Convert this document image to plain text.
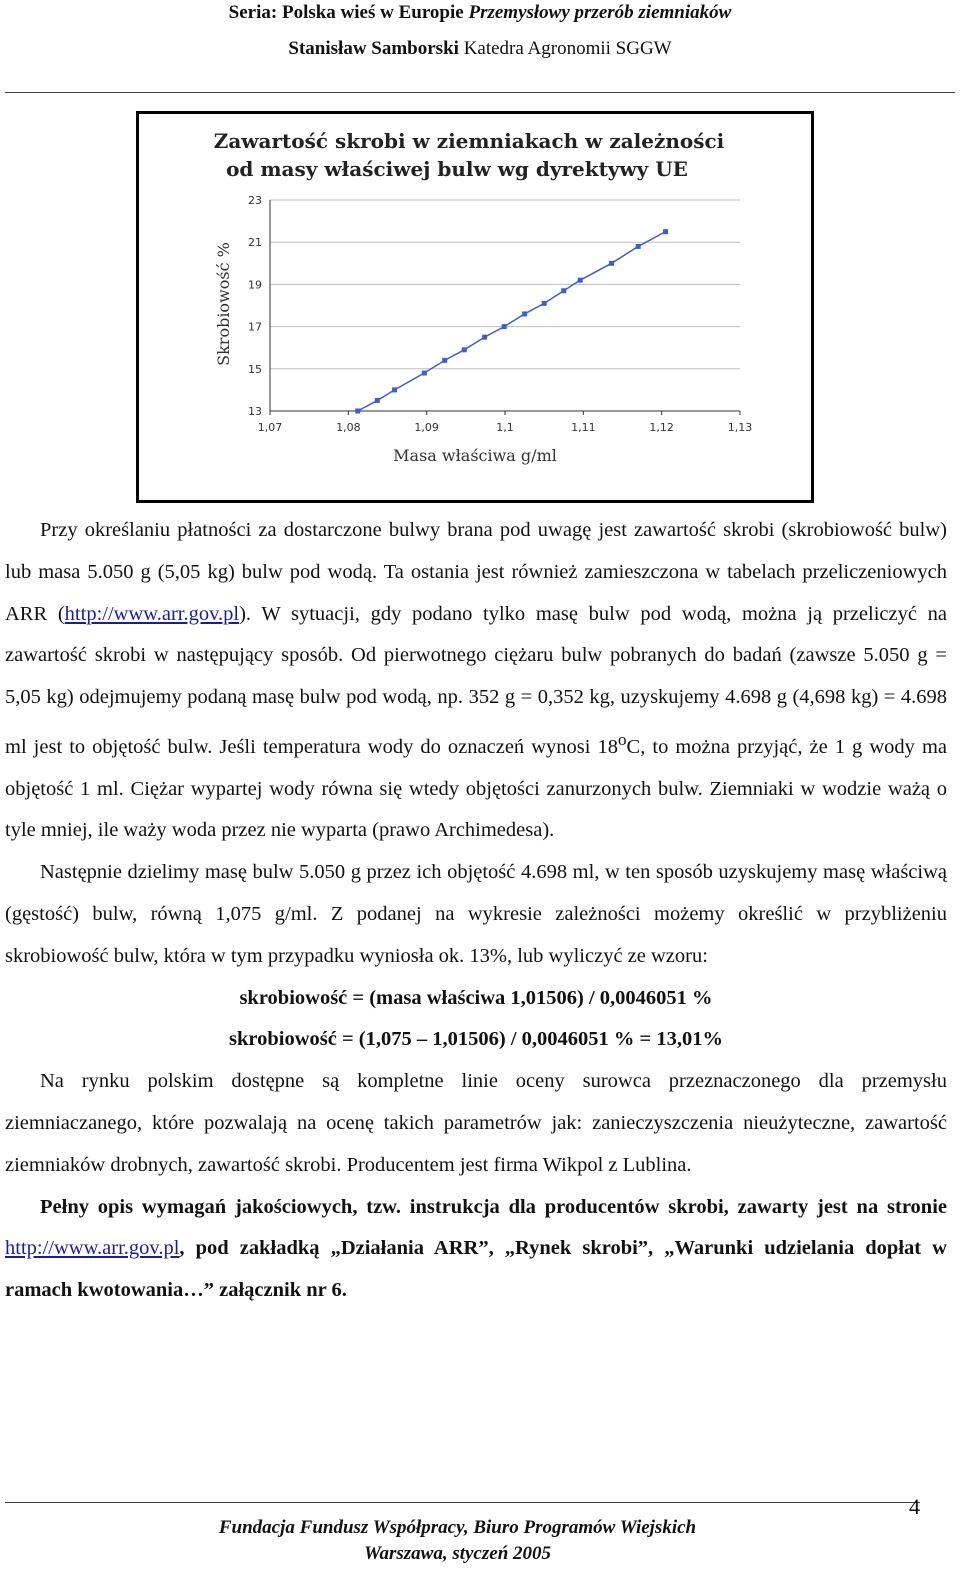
Seria: Polska wieś w Europie Przemysłowy przerób ziemniaków
Stanisław Samborski Katedra Agronomii SGGW
Zawartość skrobi w ziemniakach w zależności
od masy właściwej bulw wg dyrektywy UE
13
15
17
19
21
23
1,07	1,08	1,09	1,1	1,11	1,12	1,13
Masa właściwa g/ml
Skrobiowość %

Przy określaniu płatności za dostarczone bulwy brana pod uwagę jest zawartość skrobi (skrobiowość bulw) lub masa 5.050 g (5,05 kg) bulw pod wodą. Ta ostania jest również zamieszczona w tabelach przeliczeniowych ARR (http://www.arr.gov.pl). W sytuacji, gdy podano tylko masę bulw pod wodą, można ją przeliczyć na zawartość skrobi w następujący sposób. Od pierwotnego ciężaru bulw pobranych do badań (zawsze 5.050 g = 5,05 kg) odejmujemy podaną masę bulw pod wodą, np. 352 g = 0,352 kg, uzyskujemy 4.698 g (4,698 kg) = 4.698 ml jest to objętość bulw. Jeśli temperatura wody do oznaczeń wynosi 18$^o$C, to można przyjąć, że 1 g wody ma objętość 1 ml. Ciężar wypartej wody równa się wtedy objętości zanurzonych bulw. Ziemniaki w wodzie ważą o tyle mniej, ile waży woda przez nie wyparta (prawo Archimedesa).

Następnie dzielimy masę bulw 5.050 g przez ich objętość 4.698 ml, w ten sposób uzyskujemy masę właściwą (gęstość) bulw, równą 1,075 g/ml. Z podanej na wykresie zależności możemy określić w przybliżeniu skrobiowość bulw, która w tym przypadku wyniosła ok. 13%, lub wyliczyć ze wzoru:

skrobiowość = (masa właściwa 1,01506) / 0,0046051 %

skrobiowość = (1,075 – 1,01506) / 0,0046051 % = 13,01%

Na rynku polskim dostępne są kompletne linie oceny surowca przeznaczonego dla przemysłu ziemniaczanego, które pozwalają na ocenę takich parametrów jak: zanieczyszczenia nieużyteczne, zawartość ziemniaków drobnych, zawartość skrobi. Producentem jest firma Wikpol z Lublina.

Pełny opis wymagań jakościowych, tzw. instrukcja dla producentów skrobi, zawarty jest na stronie http://www.arr.gov.pl, pod zakładką „Działania ARR”, „Rynek skrobi”, „Warunki udzielania dopłat w ramach kwotowania…” załącznik nr 6.

4
Fundacja Fundusz Współpracy, Biuro Programów Wiejskich
Warszawa, styczeń 2005
